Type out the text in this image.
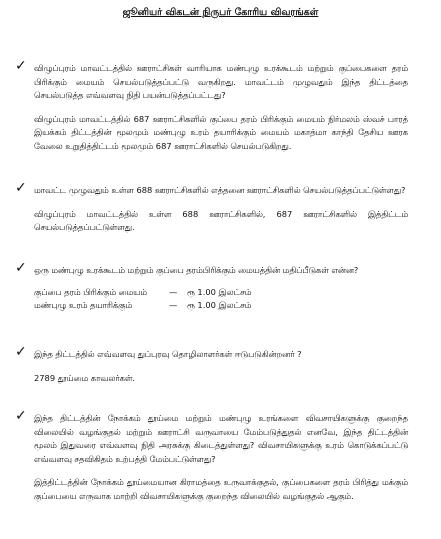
ஜூனியர் விகடன் நிருபர் கோரிய விவரங்கள்
✓ விழுப்புரம் மாவட்டத்தில் ஊராட்சிகள் வாரியாக மண்புழு உரக்கூடம் மற்றும் குப்பைகளை தரம் பிரிக்கும் மையம் செயல்படுத்தப்பட்டு வருகிறது. மாவட்டம் முழுவதும் இந்த திட்டத்தை செயல்படுத்த எவ்வளவு நிதி பயன்படுத்தப்பட்டது?

விழுப்புரம் மாவட்டத்தில் 687 ஊராட்சிகளில் குப்பை தரம் பிரிக்கும் மையம் நிர்மலம் ஸ்வச் பாரத் இயக்கம் திட்டத்தின் மூலமும் மண்புழு உரம் தயாரிக்கும் மையம் மகாத்மா காந்தி தேசிய ஊரக வேலை உறுதித்திட்டம் மூலமும் 687 ஊராட்சிகளில் செயல்படுகிறது.

✓ மாவட்ட முழுவதும் உள்ள 688 ஊராட்சிகளில் எத்தனை ஊராட்சிகளில் செயல்படுத்தப்பட்டுள்ளது?

விழுப்புரம் மாவட்டத்தில் உள்ள 688 ஊராட்சிகளில், 687 ஊராட்சிகளில் இத்திட்டம் செயல்படுத்தப்பட்டுள்ளது.

✓ ஒரு மண்புழு உரக்கூடம் மற்றும் குப்பை தரம்பிரிக்கும் மையத்தின் மதிப்பீடுகள் என்ன?

குப்பை தரம் பிரிக்கும் மையம்	—	ரூ 1.00 இலட்சம்
மண்புழு உரம் தயாரிக்கும்	—	ரூ 1.00 இலட்சம்
✓ இந்த திட்டத்தில் எவ்வளவு துப்புரவு தொழிலாளர்கள் ஈடுபடுகின்றனர் ?

2789 தூய்மை காவலர்கள்.

✓ இந்த திட்டத்தின் நோக்கம் தூய்மை மற்றும் மண்புழு உரங்களை விவசாயிகளுக்கு குறைந்த விலையில் வழங்குதல் மற்றும் ஊராட்சி வருவாயை மேம்படுத்துதல் எனவே, இந்த திட்டத்தின் மூலம் இதுவரை எவ்வளவு நிதி அரசுக்கு கிடைத்துள்ளது? விவசாயிகளுக்கு உரம் கொடுக்கப்பட்டு எவ்வளவு சதவிகிதம் உற்பத்தி மேம்பட்டுள்ளது?

இத்திட்டத்தின் நோக்கம் தூய்மையான கிராமத்தை உருவாக்குதல், குப்பைகளை தரம் பிரித்து மக்கும் குப்பையை எருவாக மாற்றி விவசாயிகளுக்கு குறைந்த விலையில் வழங்குதல் ஆகும்.
